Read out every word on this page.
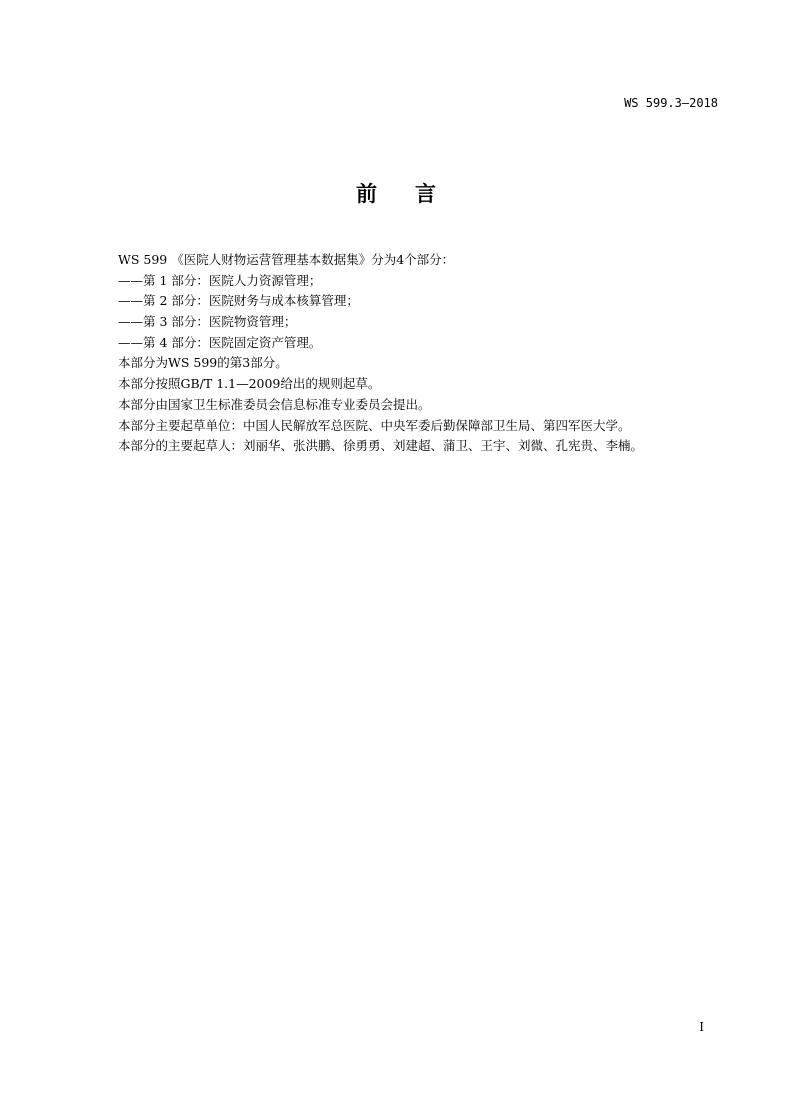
WS 599.3—2018
前言
WS 599 《医院人财物运营管理基本数据集》分为4个部分：
——第 1 部分：医院人力资源管理；
——第 2 部分：医院财务与成本核算管理；
——第 3 部分：医院物资管理；
——第 4 部分：医院固定资产管理。
本部分为WS 599的第3部分。
本部分按照GB/T 1.1—2009给出的规则起草。
本部分由国家卫生标准委员会信息标准专业委员会提出。
本部分主要起草单位：中国人民解放军总医院、中央军委后勤保障部卫生局、第四军医大学。
本部分的主要起草人：刘丽华、张洪鹏、徐勇勇、刘建超、蒲卫、王宇、刘微、孔宪贵、李楠。
I
